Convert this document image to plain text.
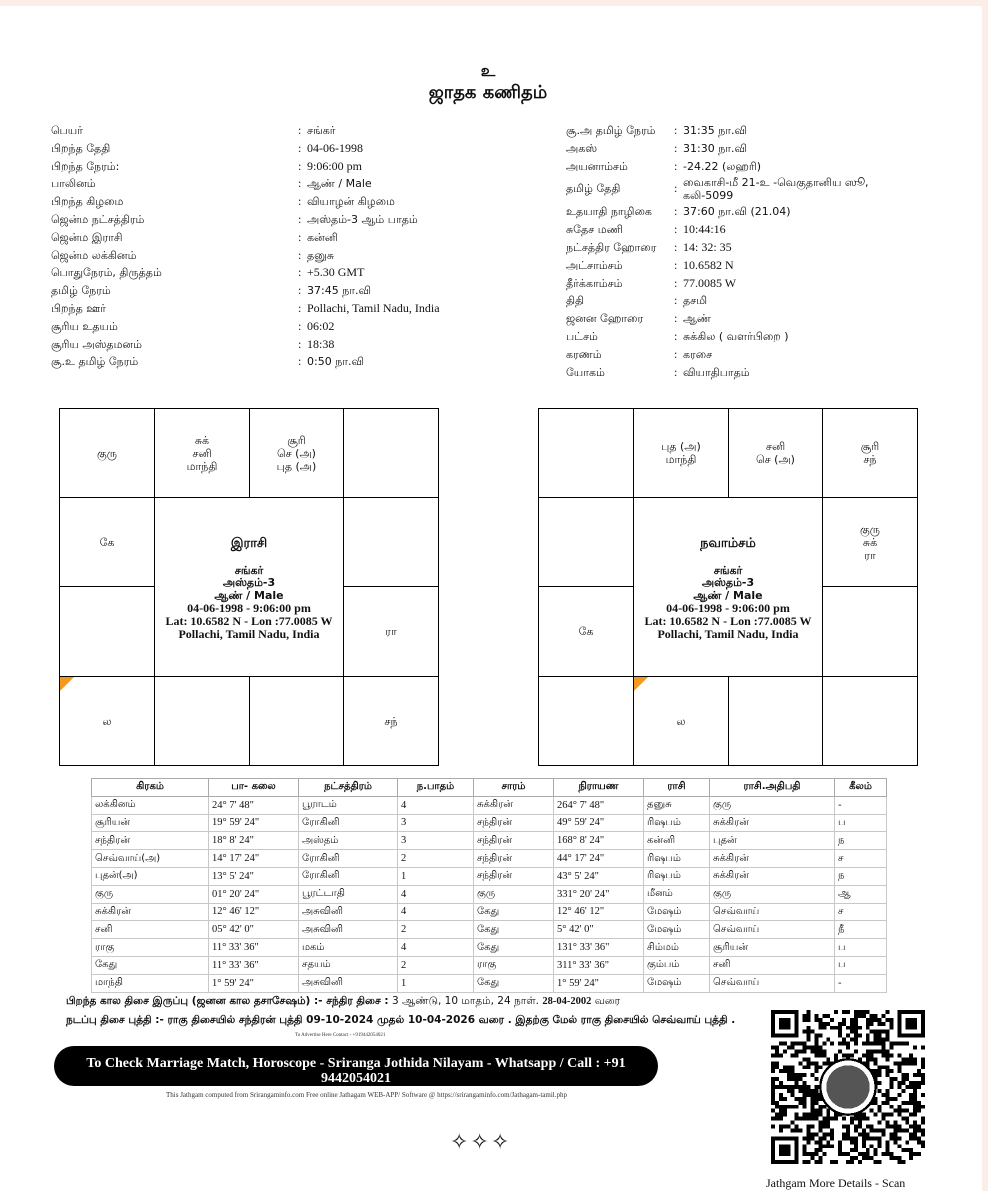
உ
ஜாதக கணிதம்
பெயர்	: சங்கர்
பிறந்த தேதி	: 04-06-1998
பிறந்த நேரம்:	: 9:06:00 pm
பாலினம்	: ஆண் / Male
பிறந்த கிழமை	: வியாழன் கிழமை
ஜென்ம நட்சத்திரம்	: அஸ்தம்-3 ஆம் பாதம்
ஜென்ம இராசி	: கன்னி
ஜென்ம லக்கினம்	: தனுசு
பொதுநேரம், திருத்தம்	: +5.30 GMT
தமிழ் நேரம்	: 37:45 நா.வி
பிறந்த ஊர்	: Pollachi, Tamil Nadu, India
சூரிய உதயம்	: 06:02
சூரிய அஸ்தமனம்	: 18:38
சூ.உ தமிழ் நேரம்	: 0:50 நா.வி
சூ.அ தமிழ் நேரம் : 31:35 நா.வி
அகஸ்	: 31:30 நா.வி
அயனாம்சம்	: -24.22 (லஹரி)
தமிழ் தேதி	: வைகாசி-மீ 21-உ -வெகுதானிய ஸூ, கலி-5099
உதயாதி நாழிகை : 37:60 நா.வி (21.04)
சுதேச மணி	: 10:44:16
நட்சத்திர ஹோரை : 14: 32: 35
அட்சாம்சம்	: 10.6582 N
தீர்க்காம்சம்	: 77.0085 W
திதி	: தசமி
ஜனன ஹோரை	: ஆண்
பட்சம்	: சுக்கில ( வளர்பிறை )
கரணம்	: கரசை
யோகம்	: வியாதிபாதம்
குரு
சுக்
சனி
மாந்தி
சூரி
செ (அ)
புத (அ)
கே
ரா
ல	சந்
இராசி
சங்கர்
அஸ்தம்-3
ஆண் / Male
04-06-1998 - 9:06:00 pm
Lat: 10.6582 N - Lon :77.0085 W
Pollachi, Tamil Nadu, India
புத (அ)
மாந்தி
சனி
செ (அ)
சூரி
சந்
குரு
சுக்
ரா
கே
ல
நவாம்சம்
சங்கர்
அஸ்தம்-3
ஆண் / Male
04-06-1998 - 9:06:00 pm
Lat: 10.6582 N - Lon :77.0085 W
Pollachi, Tamil Nadu, India
கிரகம்	பா- கலை	நட்சத்திரம்	ந.பாதம்	சாரம்	நிராயண	ராசி	ராசி.அதிபதி	கீலம்
லக்கினம்	24° 7' 48"	பூராடம்	4	சுக்கிரன்	264° 7' 48"	தனுசு	குரு	-
சூரியன்	19° 59' 24"	ரோகினி	3	சந்திரன்	49° 59' 24"	ரிஷபம்	சுக்கிரன்	ப
சந்திரன்	18° 8' 24"	அஸ்தம்	3	சந்திரன்	168° 8' 24"	கன்னி	புதன்	ந
செவ்வாய்(அ)	14° 17' 24"	ரோகினி	2	சந்திரன்	44° 17' 24"	ரிஷபம்	சுக்கிரன்	ச
புதன்(அ)	13° 5' 24"	ரோகினி	1	சந்திரன்	43° 5' 24"	ரிஷபம்	சுக்கிரன்	ந
குரு	01° 20' 24"	பூரட்டாதி	4	குரு	331° 20' 24"	மீனம்	குரு	ஆ
சுக்கிரன்	12° 46' 12"	அசுவினி	4	கேது	12° 46' 12"	மேஷம்	செவ்வாய்	ச
சனி	05° 42' 0"	அசுவினி	2	கேது	5° 42' 0"	மேஷம்	செவ்வாய்	நீ
ராகு	11° 33' 36"	மகம்	4	கேது	131° 33' 36"	சிம்மம்	சூரியன்	ப
கேது	11° 33' 36"	சதயம்	2	ராகு	311° 33' 36"	கும்பம்	சனி	ப
மாந்தி	1° 59' 24"	அசுவினி	1	கேது	1° 59' 24"	மேஷம்	செவ்வாய்	-
பிறந்த கால திசை இருப்பு (ஜனன கால தசாசேஷம்) :- சந்திர திசை : 3 ஆண்டு, 10 மாதம், 24 நாள். 28-04-2002 வரை
நடப்பு திசை புத்தி :- ராகு திசையில் சந்திரன் புத்தி 09-10-2024 முதல் 10-04-2026 வரை . இதற்கு மேல் ராகு திசையில் செவ்வாய் புத்தி .
To Advertise Here Contact - +919442054021
To Check Marriage Match, Horoscope - Sriranga Jothida Nilayam - Whatsapp / Call : +91 9442054021
This Jathgam computed from Srirangaminfo.com Free online Jathagam WEB-APP/ Software @ https://srirangaminfo.com/Jathagam-tamil.php
✧✧✧
Jathgam More Details - Scan
